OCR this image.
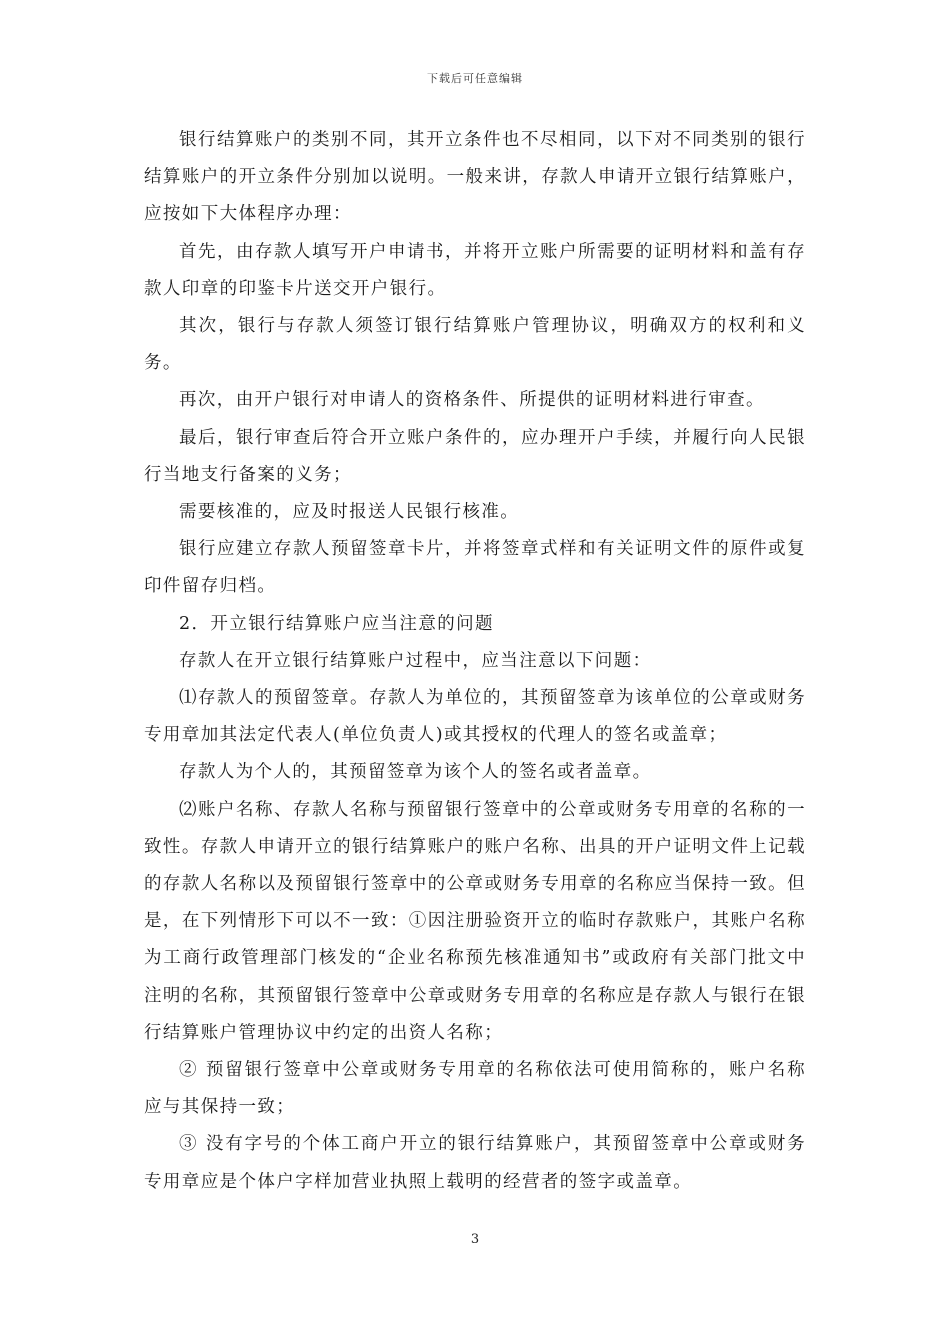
下载后可任意编辑

银行结算账户的类别不同，其开立条件也不尽相同，以下对不同类别的银行结算账户的开立条件分别加以说明。一般来讲，存款人申请开立银行结算账户，应按如下大体程序办理：

首先，由存款人填写开户申请书，并将开立账户所需要的证明材料和盖有存款人印章的印鉴卡片送交开户银行。

其次，银行与存款人须签订银行结算账户管理协议，明确双方的权利和义务。

再次，由开户银行对申请人的资格条件、所提供的证明材料进行审查。

最后，银行审查后符合开立账户条件的，应办理开户手续，并履行向人民银行当地支行备案的义务；

需要核准的，应及时报送人民银行核准。

银行应建立存款人预留签章卡片，并将签章式样和有关证明文件的原件或复印件留存归档。

2．开立银行结算账户应当注意的问题

存款人在开立银行结算账户过程中，应当注意以下问题：

⑴存款人的预留签章。存款人为单位的，其预留签章为该单位的公章或财务专用章加其法定代表人(单位负责人)或其授权的代理人的签名或盖章；

存款人为个人的，其预留签章为该个人的签名或者盖章。

⑵账户名称、存款人名称与预留银行签章中的公章或财务专用章的名称的一致性。存款人申请开立的银行结算账户的账户名称、出具的开户证明文件上记载的存款人名称以及预留银行签章中的公章或财务专用章的名称应当保持一致。但是，在下列情形下可以不一致：①因注册验资开立的临时存款账户，其账户名称为工商行政管理部门核发的“企业名称预先核准通知书”或政府有关部门批文中注明的名称，其预留银行签章中公章或财务专用章的名称应是存款人与银行在银行结算账户管理协议中约定的出资人名称；

② 预留银行签章中公章或财务专用章的名称依法可使用简称的，账户名称应与其保持一致；

③ 没有字号的个体工商户开立的银行结算账户，其预留签章中公章或财务专用章应是个体户字样加营业执照上载明的经营者的签字或盖章。

3
